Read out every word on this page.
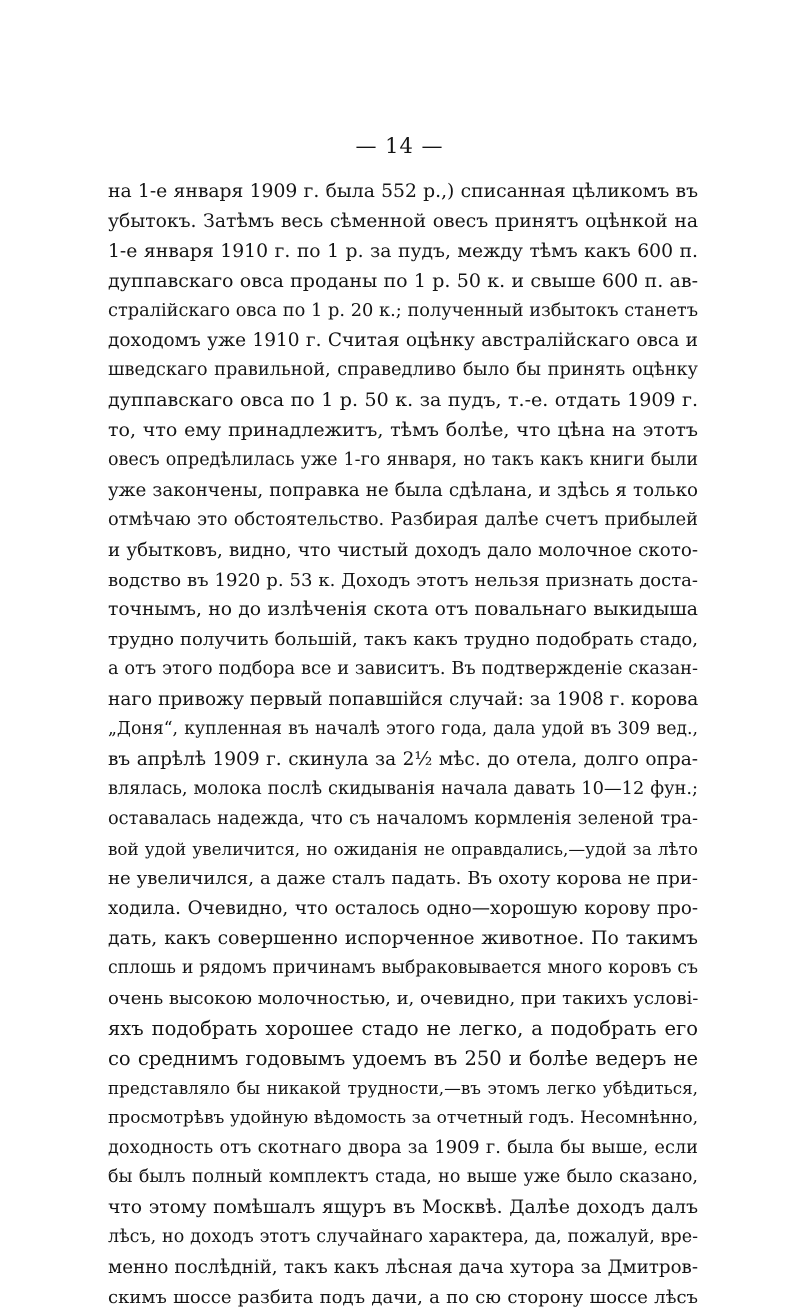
— 14 —
на 1-е января 1909 г. была 552 р.,) списанная цѣликомъ въ
убытокъ. Затѣмъ весь сѣменной овесъ принятъ оцѣнкой на
1-е января 1910 г. по 1 р. за пудъ, между тѣмъ какъ 600 п.
дуппавскаго овса проданы по 1 р. 50 к. и свыше 600 п. ав-
стралійскаго овса по 1 р. 20 к.; полученный избытокъ станетъ
доходомъ уже 1910 г. Считая оцѣнку австралійскаго овса и
шведскаго правильной, справедливо было бы принять оцѣнку
дуппавскаго овса по 1 р. 50 к. за пудъ, т.-е. отдать 1909 г.
то, что ему принадлежитъ, тѣмъ болѣе, что цѣна на этотъ
овесъ опредѣлилась уже 1-го января, но такъ какъ книги были
уже закончены, поправка не была сдѣлана, и здѣсь я только
отмѣчаю это обстоятельство. Разбирая далѣе счетъ прибылей
и убытковъ, видно, что чистый доходъ дало молочное ското-
водство въ 1920 р. 53 к. Доходъ этотъ нельзя признать доста-
точнымъ, но до излѣченія скота отъ повальнаго выкидыша
трудно получить большій, такъ какъ трудно подобрать стадо,
а отъ этого подбора все и зависитъ. Въ подтвержденіе сказан-
наго привожу первый попавшійся случай: за 1908 г. корова
„Доня“, купленная въ началѣ этого года, дала удой въ 309 вед.,
въ апрѣлѣ 1909 г. скинула за 2½ мѣс. до отела, долго опра-
влялась, молока послѣ скидыванія начала давать 10—12 фун.;
оставалась надежда, что съ началомъ кормленія зеленой тра-
вой удой увеличится, но ожиданія не оправдались,—удой за лѣто
не увеличился, а даже сталъ падать. Въ охоту корова не при-
ходила. Очевидно, что осталось одно—хорошую корову про-
дать, какъ совершенно испорченное животное. По такимъ
сплошь и рядомъ причинамъ выбраковывается много коровъ съ
очень высокою молочностью, и, очевидно, при такихъ услові-
яхъ подобрать хорошее стадо не легко, а подобрать его
со среднимъ годовымъ удоемъ въ 250 и болѣе ведеръ не
представляло бы никакой трудности,—въ этомъ легко убѣдиться,
просмотрѣвъ удойную вѣдомость за отчетный годъ. Несомнѣнно,
доходность отъ скотнаго двора за 1909 г. была бы выше, если
бы былъ полный комплектъ стада, но выше уже было сказано,
что этому помѣшалъ ящуръ въ Москвѣ. Далѣе доходъ далъ
лѣсъ, но доходъ этотъ случайнаго характера, да, пожалуй, вре-
менно послѣдній, такъ какъ лѣсная дача хутора за Дмитров-
скимъ шоссе разбита подъ дачи, а по сю сторону шоссе лѣсъ
